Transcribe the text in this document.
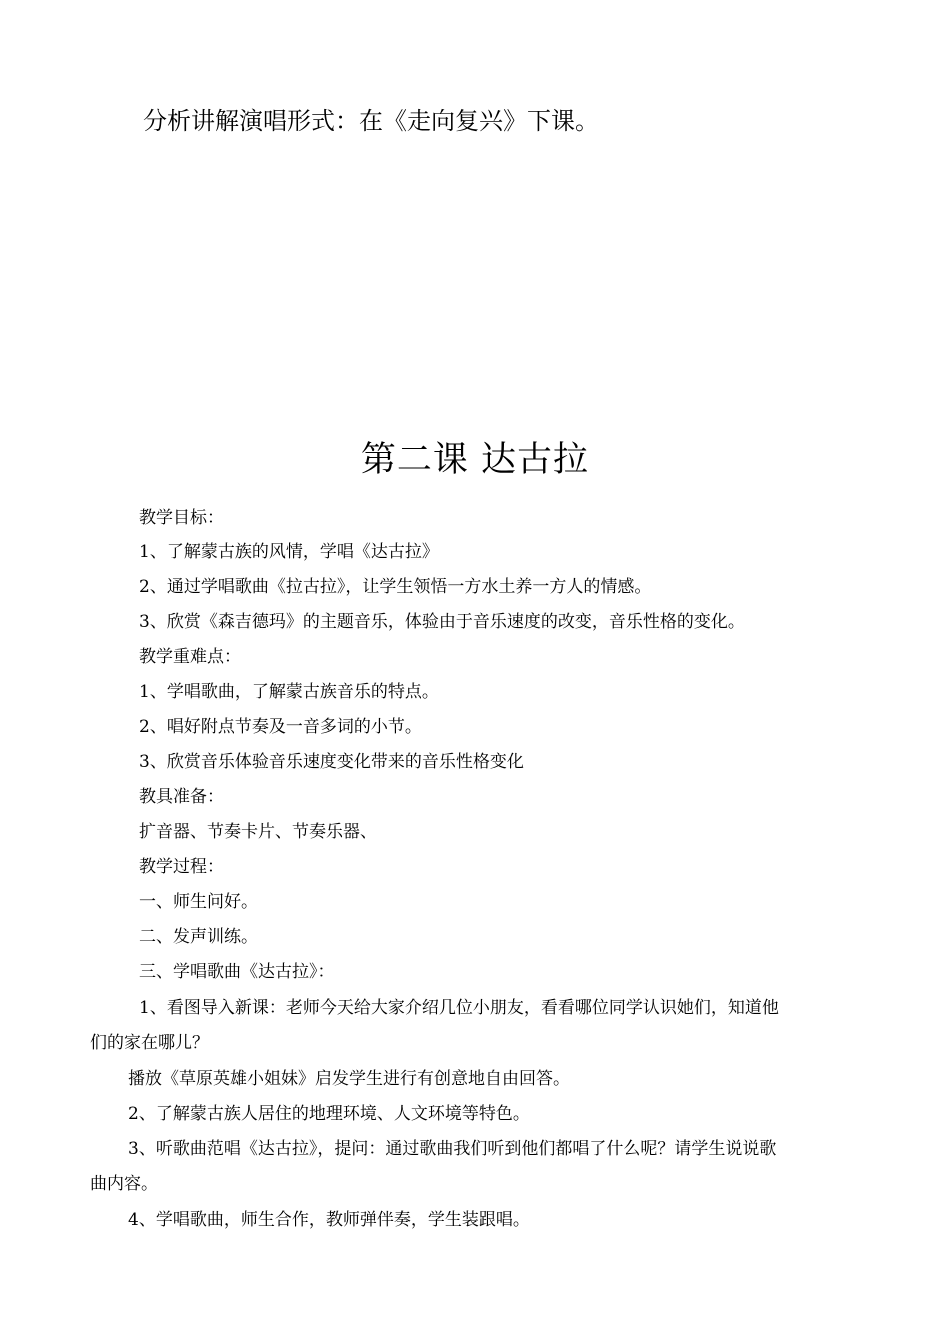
分析讲解演唱形式：在《走向复兴》下课。
第二课 达古拉
教学目标：
1、了解蒙古族的风情，学唱《达古拉》
2、通过学唱歌曲《拉古拉》，让学生领悟一方水土养一方人的情感。
3、欣赏《森吉德玛》的主题音乐，体验由于音乐速度的改变，音乐性格的变化。
教学重难点：
1、学唱歌曲，了解蒙古族音乐的特点。
2、唱好附点节奏及一音多词的小节。
3、欣赏音乐体验音乐速度变化带来的音乐性格变化
教具准备：
扩音器、节奏卡片、节奏乐器、
教学过程：
一、师生问好。
二、发声训练。
三、学唱歌曲《达古拉》：
1、看图导入新课：老师今天给大家介绍几位小朋友，看看哪位同学认识她们，知道他
们的家在哪儿？
播放《草原英雄小姐妹》启发学生进行有创意地自由回答。
2、了解蒙古族人居住的地理环境、人文环境等特色。
3、听歌曲范唱《达古拉》，提问：通过歌曲我们听到他们都唱了什么呢？请学生说说歌
曲内容。
4、学唱歌曲，师生合作，教师弹伴奏，学生装跟唱。
